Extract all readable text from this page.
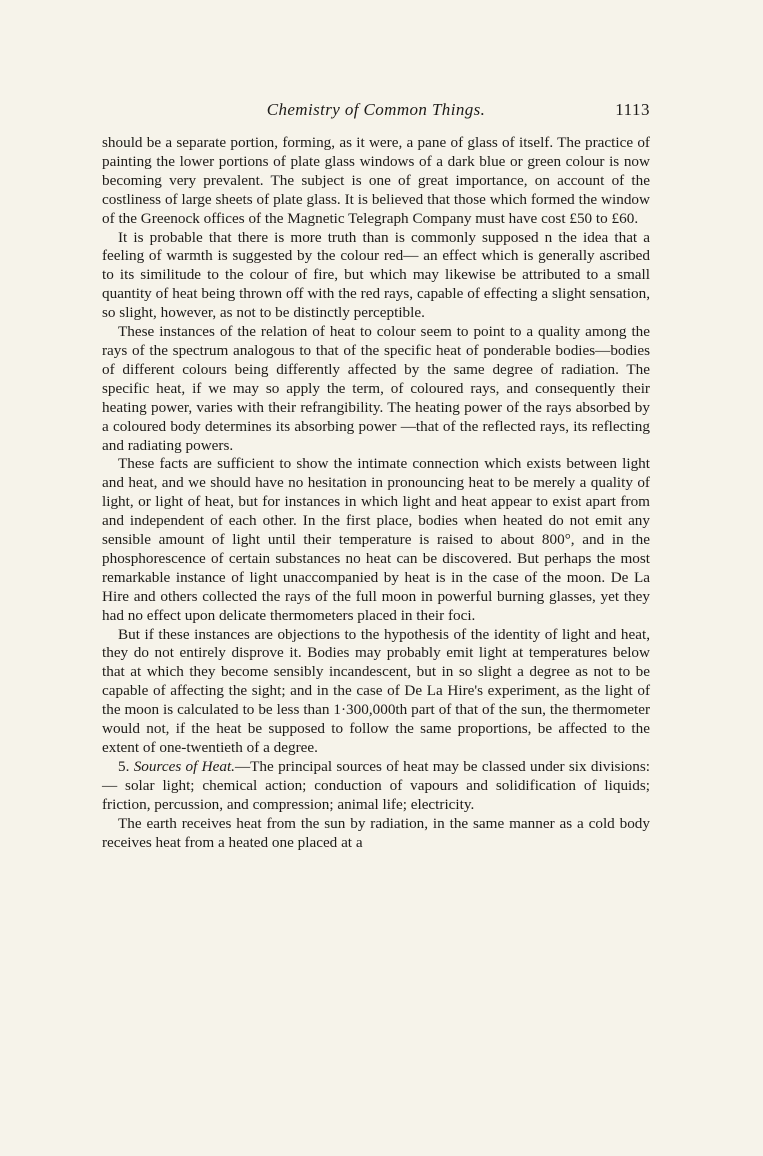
Chemistry of Common Things.	1113

should be a separate portion, forming, as it were, a pane of glass of itself. The practice of painting the lower portions of plate glass windows of a dark blue or green colour is now becoming very prevalent. The subject is one of great importance, on account of the costliness of large sheets of plate glass. It is believed that those which formed the window of the Greenock offices of the Magnetic Telegraph Company must have cost £50 to £60.

It is probable that there is more truth than is commonly supposed n the idea that a feeling of warmth is suggested by the colour red— an effect which is generally ascribed to its similitude to the colour of fire, but which may likewise be attributed to a small quantity of heat being thrown off with the red rays, capable of effecting a slight sensation, so slight, however, as not to be distinctly perceptible.

These instances of the relation of heat to colour seem to point to a quality among the rays of the spectrum analogous to that of the specific heat of ponderable bodies—bodies of different colours being differently affected by the same degree of radiation. The specific heat, if we may so apply the term, of coloured rays, and consequently their heating power, varies with their refrangibility. The heating power of the rays absorbed by a coloured body determines its absorbing power —that of the reflected rays, its reflecting and radiating powers.

These facts are sufficient to show the intimate connection which exists between light and heat, and we should have no hesitation in pronouncing heat to be merely a quality of light, or light of heat, but for instances in which light and heat appear to exist apart from and independent of each other. In the first place, bodies when heated do not emit any sensible amount of light until their temperature is raised to about 800°, and in the phosphorescence of certain substances no heat can be discovered. But perhaps the most remarkable instance of light unaccompanied by heat is in the case of the moon. De La Hire and others collected the rays of the full moon in powerful burning glasses, yet they had no effect upon delicate thermometers placed in their foci.

But if these instances are objections to the hypothesis of the identity of light and heat, they do not entirely disprove it. Bodies may probably emit light at temperatures below that at which they become sensibly incandescent, but in so slight a degree as not to be capable of affecting the sight; and in the case of De La Hire's experiment, as the light of the moon is calculated to be less than 1·300,000th part of that of the sun, the thermometer would not, if the heat be supposed to follow the same proportions, be affected to the extent of one-twentieth of a degree.

5. Sources of Heat.—The principal sources of heat may be classed under six divisions: — solar light; chemical action; conduction of vapours and solidification of liquids; friction, percussion, and compression; animal life; electricity.

The earth receives heat from the sun by radiation, in the same manner as a cold body receives heat from a heated one placed at a
